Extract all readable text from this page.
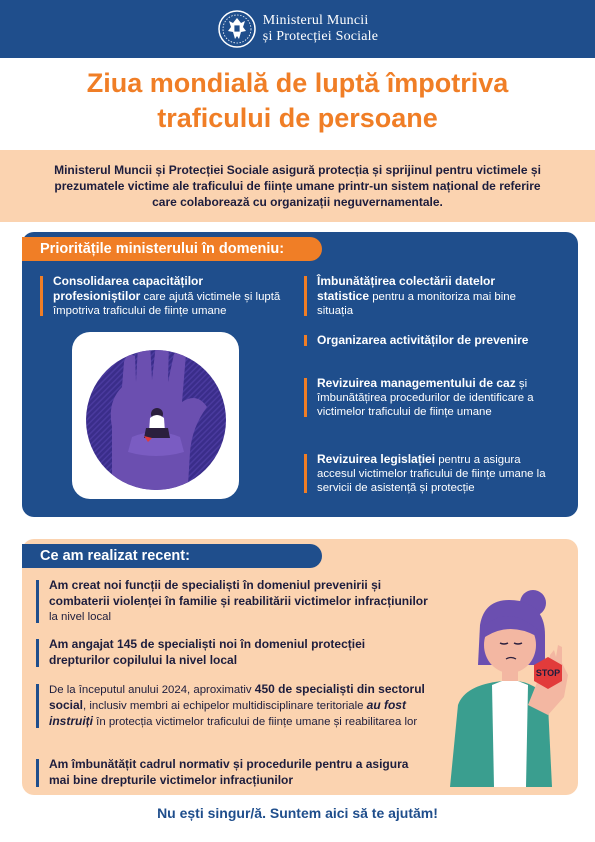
Ministerul Muncii
și Protecției Sociale
Ziua mondială de luptă împotriva
traficului de persoane

Ministerul Muncii și Protecției Sociale asigură protecția și sprijinul pentru victimele și prezumatele victime ale traficului de ființe umane printr-un sistem național de referire care colaborează cu organizații neguvernamentale.

Prioritățile ministerului în domeniu:
Consolidarea capacităților profesioniștilor care ajută victimele și luptă împotriva traficului de ființe umane
Îmbunătățirea colectării datelor statistice pentru a monitoriza mai bine situația
Organizarea activităților de prevenire
Revizuirea managementului de caz și îmbunătățirea procedurilor de identificare a victimelor traficului de ființe umane
Revizuirea legislației pentru a asigura accesul victimelor traficului de ființe umane la servicii de asistență și protecție
Ce am realizat recent:
Am creat noi funcții de specialiști în domeniul prevenirii și combaterii violenței în familie și reabilitării victimelor infracțiunilor la nivel local
Am angajat 145 de specialiști noi în domeniul protecției drepturilor copilului la nivel local
De la începutul anului 2024, aproximativ 450 de specialiști din sectorul social, inclusiv membri ai echipelor multidisciplinare teritoriale au fost instruiți în protecția victimelor traficului de ființe umane și reabilitarea lor
Am îmbunătățit cadrul normativ și procedurile pentru a asigura mai bine drepturile victimelor infracțiunilor
STOP
Nu ești singur/ă. Suntem aici să te ajutăm!
